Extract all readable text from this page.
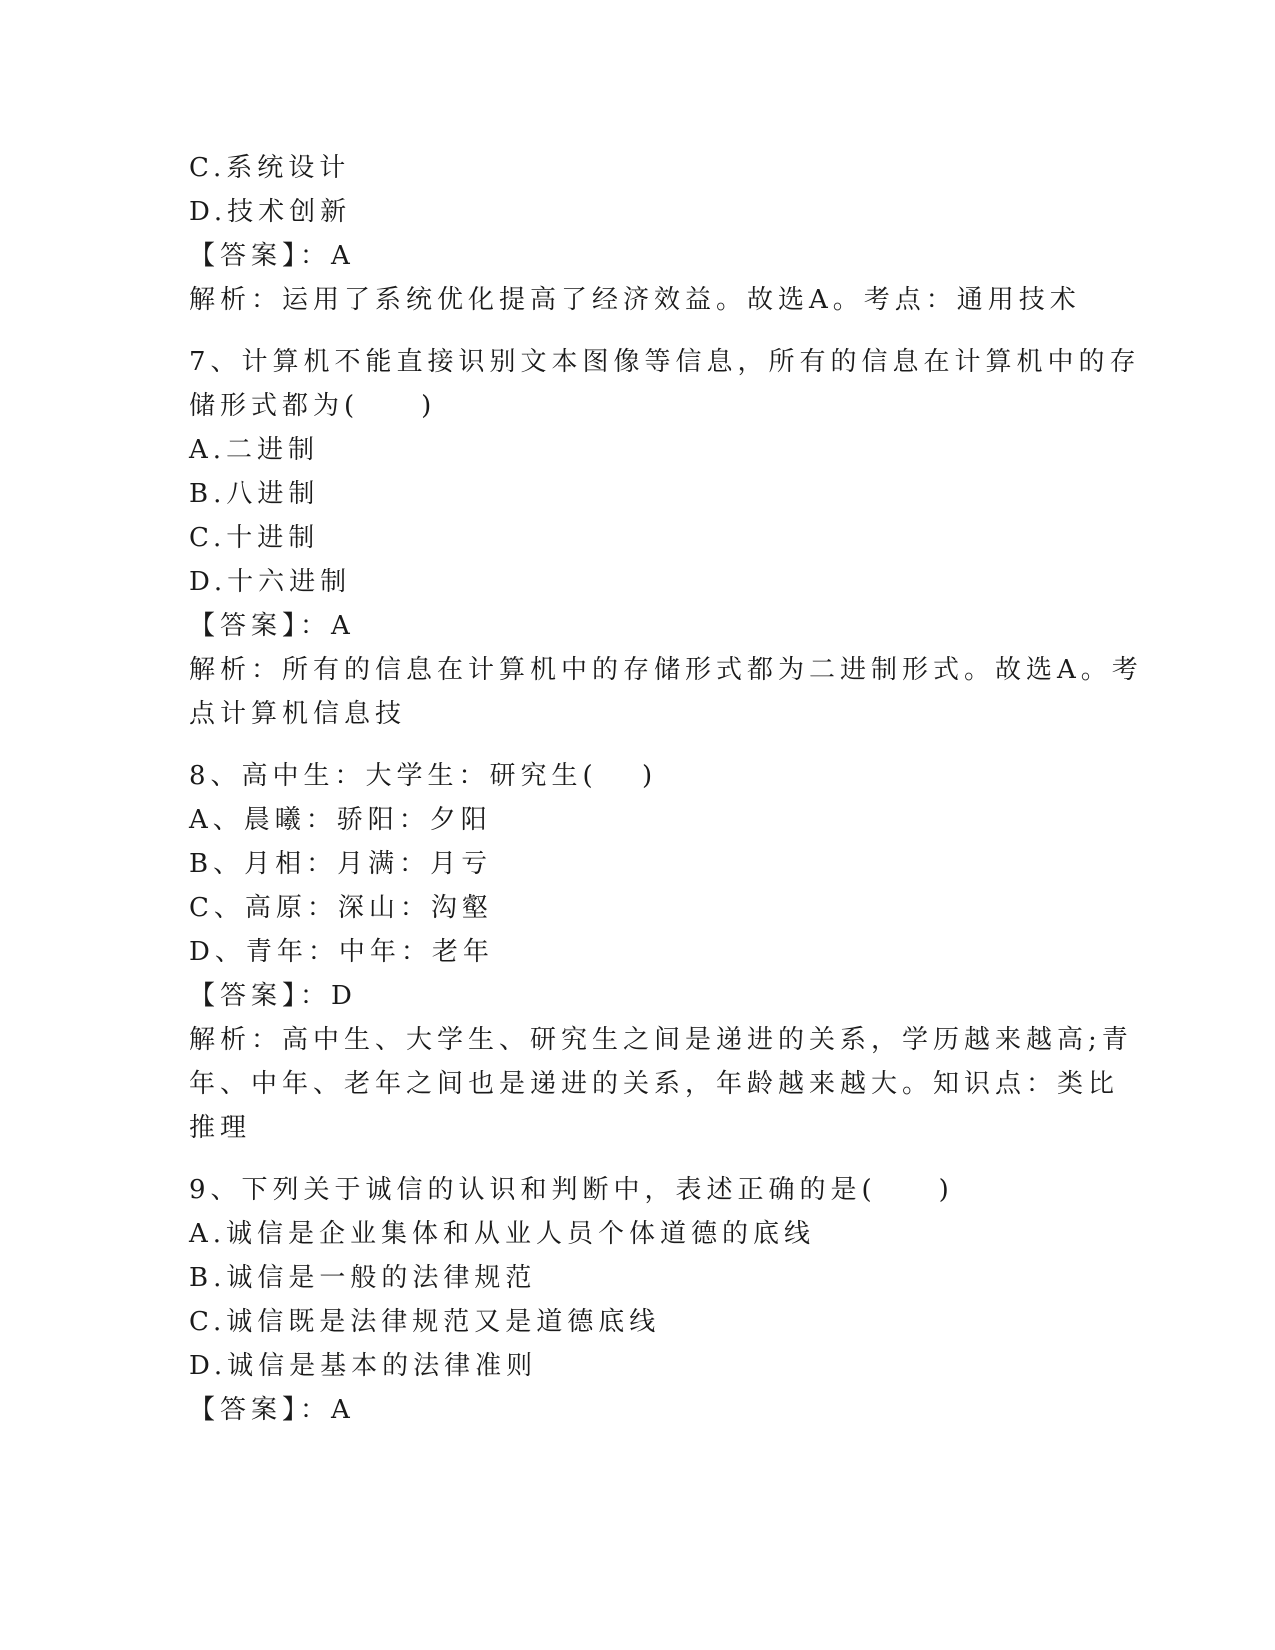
C.系统设计
D.技术创新
【答案】：A
解析：运用了系统优化提高了经济效益。故选A。考点：通用技术
7、计算机不能直接识别文本图像等信息，所有的信息在计算机中的存
储形式都为(　　)
A.二进制
B.八进制
C.十进制
D.十六进制
【答案】：A
解析：所有的信息在计算机中的存储形式都为二进制形式。故选A。考
点计算机信息技
8、高中生：大学生：研究生(　 )
A、晨曦：骄阳：夕阳
B、月相：月满：月亏
C、高原：深山：沟壑
D、青年：中年：老年
【答案】：D
解析：高中生、大学生、研究生之间是递进的关系，学历越来越高;青
年、中年、老年之间也是递进的关系，年龄越来越大。知识点：类比
推理
9、下列关于诚信的认识和判断中，表述正确的是(　　)
A.诚信是企业集体和从业人员个体道德的底线
B.诚信是一般的法律规范
C.诚信既是法律规范又是道德底线
D.诚信是基本的法律准则
【答案】：A
